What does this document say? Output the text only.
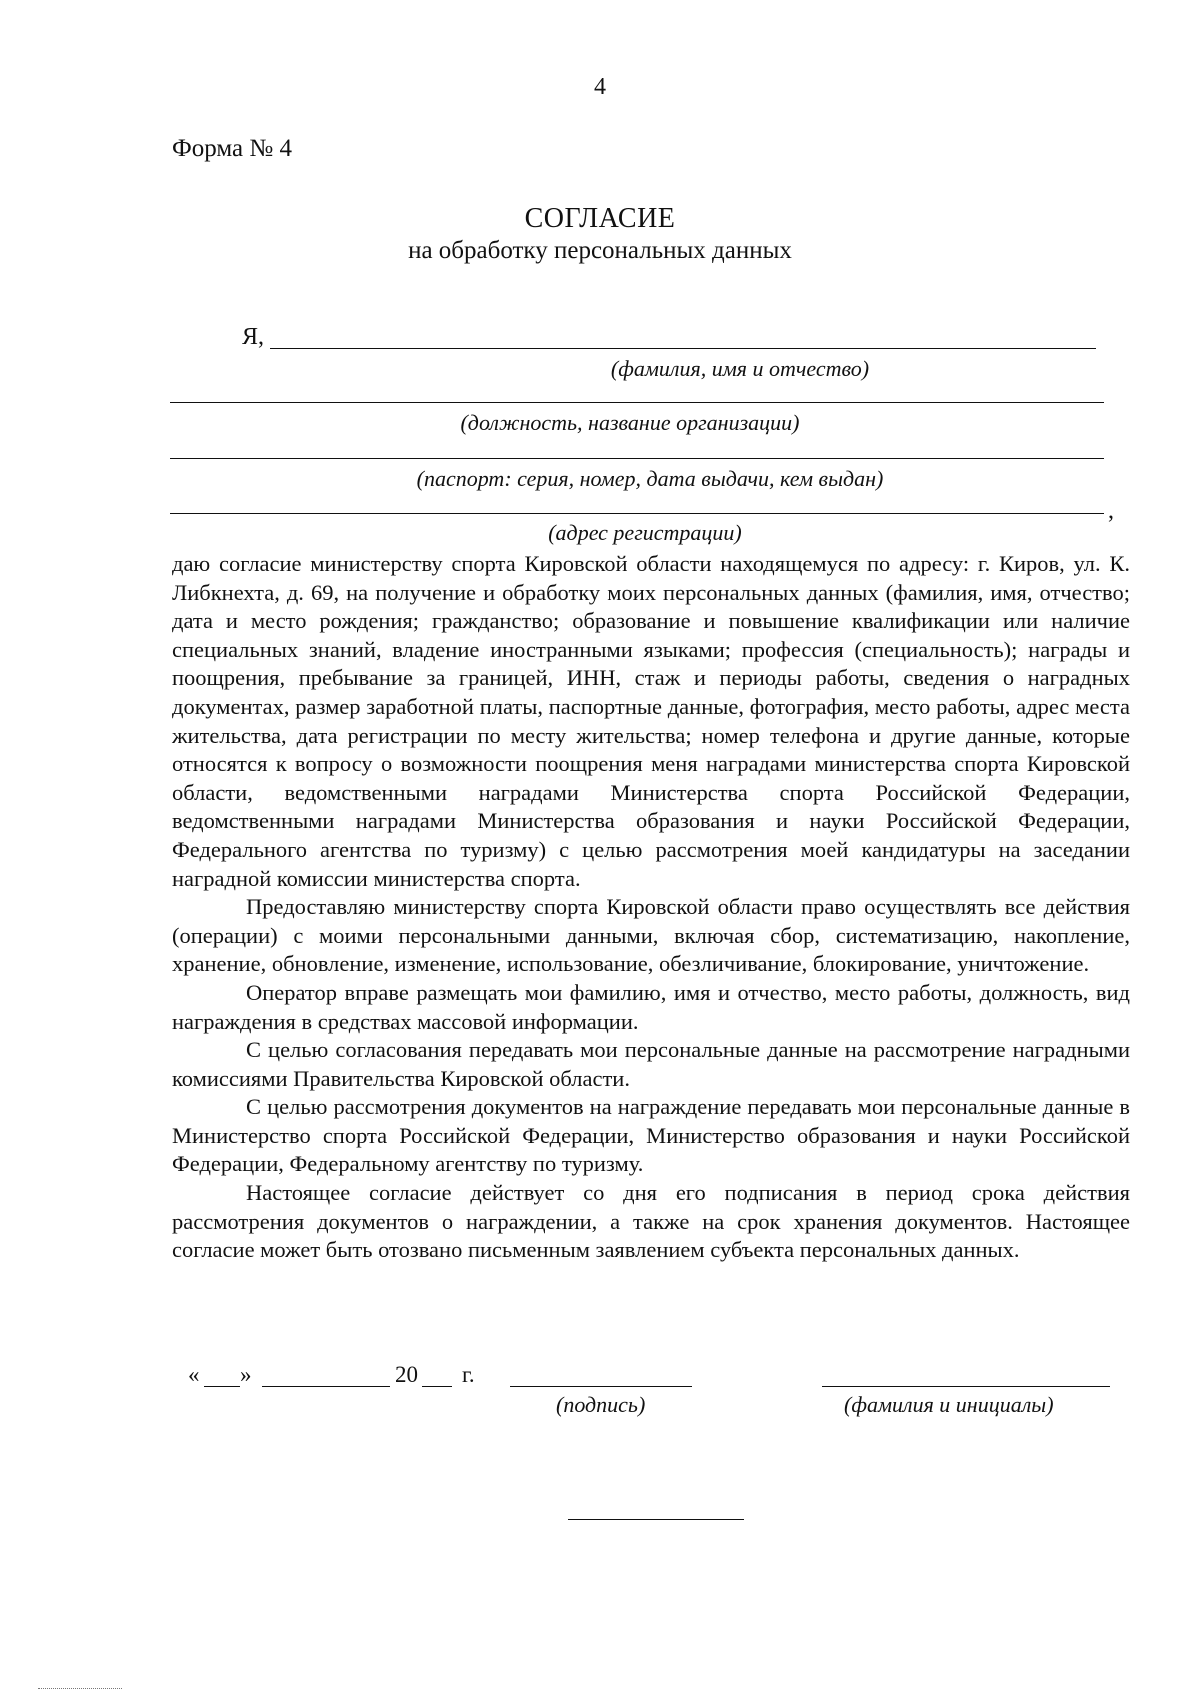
4
Форма № 4
СОГЛАСИЕ
на обработку персональных данных
Я,
(фамилия, имя и отчество)
(должность, название организации)
(паспорт: серия, номер, дата выдачи, кем выдан)
,
(адрес регистрации)

даю согласие министерству спорта Кировской области находящемуся по адресу: г. Киров, ул. К. Либкнехта, д. 69, на получение и обработку моих персональных данных (фамилия, имя, отчество; дата и место рождения; гражданство; образование и повышение квалификации или наличие специальных знаний, владение иностранными языками; профессия (специальность); награды и поощрения, пребывание за границей, ИНН, стаж и периоды работы, сведения о наградных документах, размер заработной платы, паспортные данные, фотография, место работы, адрес места жительства, дата регистрации по месту жительства; номер телефона и другие данные, которые относятся к вопросу о возможности поощрения меня наградами министерства спорта Кировской области, ведомственными наградами Министерства спорта Российской Федерации, ведомственными наградами Министерства образования и науки Российской Федерации, Федерального агентства по туризму) с целью рассмотрения моей кандидатуры на заседании наградной комиссии министерства спорта.

Предоставляю министерству спорта Кировской области право осуществлять все действия (операции) с моими персональными данными, включая сбор, систематизацию, накопление, хранение, обновление, изменение, использование, обезличивание, блокирование, уничтожение.

Оператор вправе размещать мои фамилию, имя и отчество, место работы, должность, вид награждения в средствах массовой информации.

С целью согласования передавать мои персональные данные на рассмотрение наградными комиссиями Правительства Кировской области.

С целью рассмотрения документов на награждение передавать мои персональные данные в Министерство спорта Российской Федерации, Министерство образования и науки Российской Федерации, Федеральному агентству по туризму.

Настоящее согласие действует со дня его подписания в период срока действия рассмотрения документов о награждении, а также на срок хранения документов. Настоящее согласие может быть отозвано письменным заявлением субъекта персональных данных.

« »	20 г.
(подпись)	(фамилия и инициалы)
